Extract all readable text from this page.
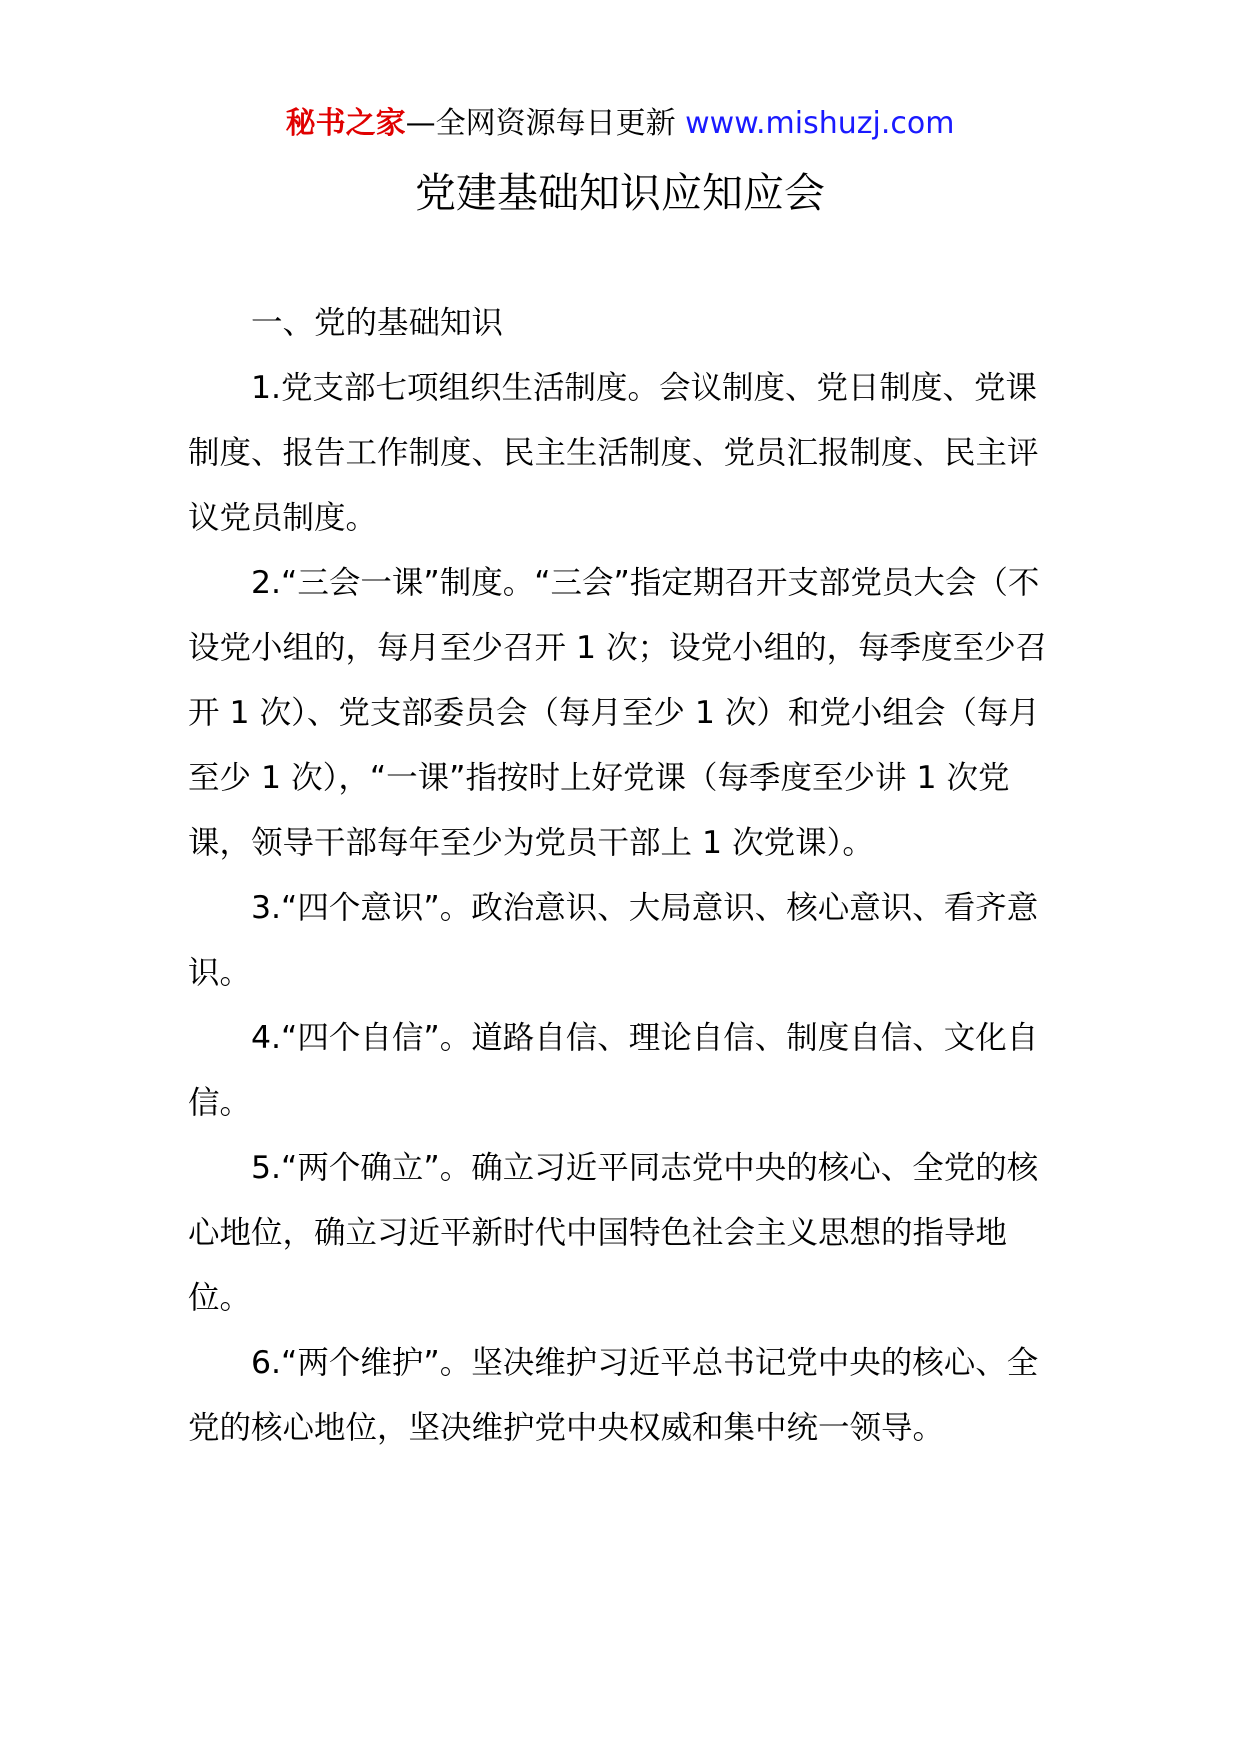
秘书之家—全网资源每日更新 www.mishuzj.com
党建基础知识应知应会

一、党的基础知识

1.党支部七项组织生活制度。会议制度、党日制度、党课制度、报告工作制度、民主生活制度、党员汇报制度、民主评议党员制度。

2.“三会一课”制度。“三会”指定期召开支部党员大会（不设党小组的，每月至少召开 1 次；设党小组的，每季度至少召开 1 次）、党支部委员会（每月至少 1 次）和党小组会（每月至少 1 次），“一课”指按时上好党课（每季度至少讲 1 次党课，领导干部每年至少为党员干部上 1 次党课）。

3.“四个意识”。政治意识、大局意识、核心意识、看齐意识。

4.“四个自信”。道路自信、理论自信、制度自信、文化自信。

5.“两个确立”。确立习近平同志党中央的核心、全党的核心地位，确立习近平新时代中国特色社会主义思想的指导地位。

6.“两个维护”。坚决维护习近平总书记党中央的核心、全党的核心地位，坚决维护党中央权威和集中统一领导。
